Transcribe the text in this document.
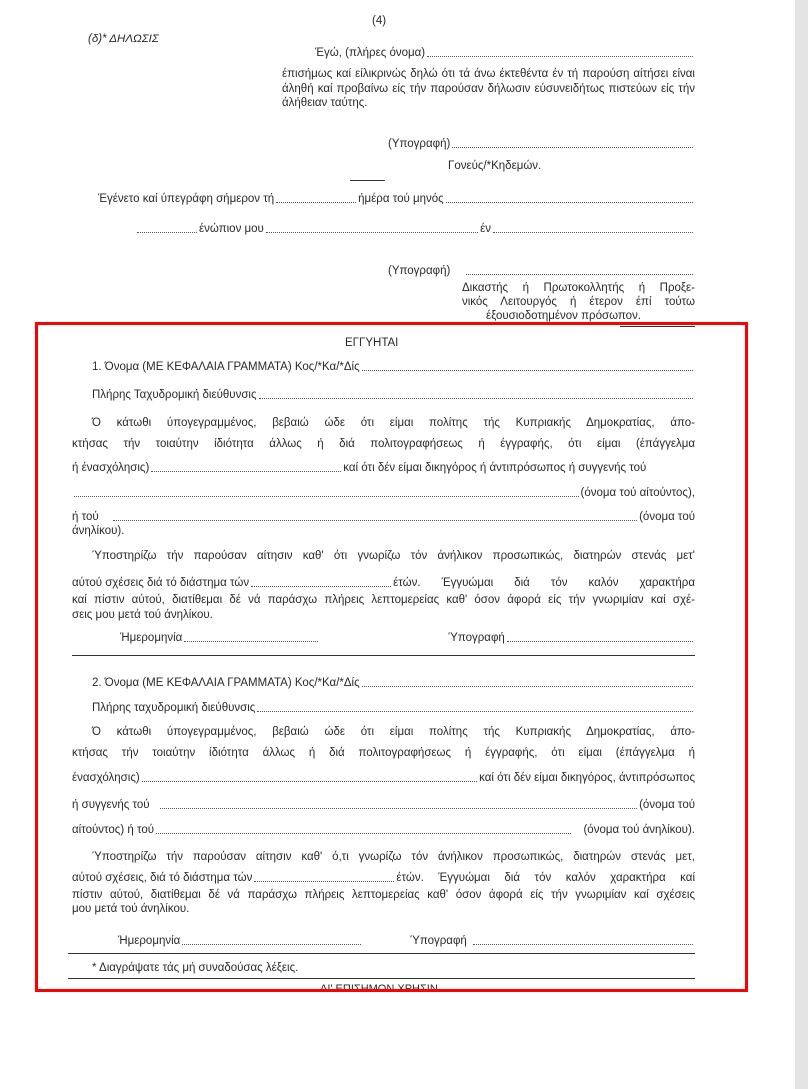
(4)
(δ)* ΔΗΛΩΣΙΣ
Έγώ, (πλήρες όνομα)
έπισήμως καί είλικρινώς δηλώ ότι τά άνω έκτεθέντα έν τή παρούση αίτήσει είναι άληθή καί προβαίνω είς τήν παρούσαν δήλωσιν εύσυνειδήτως πιστεύων είς τήν άλήθειαν ταύτης.
(Υπογραφή)
Γονεύς/*Κηδεμών.
Έγένετο καί ύπεγράφη σήμερον τή	ήμέρα τού μηνός
ένώπιον μου	έν
(Υπογραφή)
Δικαστής ή Πρωτοκολλητής ή Προξε-
νικός Λειτουργός ή έτερον έπί τούτω
έξουσιοδοτημένον πρόσωπον.
ΕΓΓΥΗΤΑΙ
1. Όνομα (ΜΕ ΚΕΦΑΛΑΙΑ ΓΡΑΜΜΑΤΑ) Κος/*Κα/*Δίς
Πλήρης Ταχυδρομική διεύθυνσις
Ό κάτωθι ύπογεγραμμένος, βεβαιώ ώδε ότι είμαι πολίτης τής Κυπριακής Δημοκρατίας, άπο-
κτήσας τήν τοιαύτην ίδιότητα άλλως ή διά πολιτογραφήσεως ή έγγραφής, ότι είμαι (έπάγγελμα
ή ένασχόλησις)	καί ότι δέν είμαι δικηγόρος ή άντιπρόσωπος ή συγγενής τού
(όνομα τού αίτούντος),
ή τού	(όνομα τού
άνηλίκου).
Ύποστηρίζω τήν παρούσαν αίτησιν καθ' ότι γνωρίζω τόν άνήλικον προσωπικώς, διατηρών στενάς μετ'
αύτού σχέσεις διά τό διάστημα τών	έτών. Έγγυώμαι διά τόν καλόν χαρακτήρα
καί πίστιν αύτού, διατίθεμαι δέ νά παράσχω πλήρεις λεπτομερείας καθ' όσον άφορά είς τήν γνωριμίαν καί σχέ-
σεις μου μετά τού άνηλίκου.
Ήμερομηνία	Ύπογραφή
2. Όνομα (ΜΕ ΚΕΦΑΛΑΙΑ ΓΡΑΜΜΑΤΑ) Κος/*Κα/*Δίς
Πλήρης ταχυδρομική διεύθυνσις
Ό κάτωθι ύπογεγραμμένος, βεβαιώ ώδε ότι είμαι πολίτης τής Κυπριακής Δημοκρατίας, άπο-
κτήσας τήν τοιαύτην ίδιότητα άλλως ή διά πολιτογραφήσεως ή έγγραφής, ότι είμαι (έπάγγελμα ή
ένασχόλησις)	καί ότι δέν είμαι δικηγόρος, άντιπρόσωπος
ή συγγενής τού	(όνομα τού
αίτούντος) ή τού	(όνομα τού άνηλίκου).
Ύποστηρίζω τήν παρούσαν αίτησιν καθ' ό,τι γνωρίζω τόν άνήλικον προσωπικώς, διατηρών στενάς μετ,
αύτού σχέσεις, διά τό διάστημα τών	έτών. Έγγυώμαι διά τόν καλόν χαρακτήρα καί
πίστιν αύτού, διατίθεμαι δέ νά παράσχω πλήρεις λεπτομερείας καθ' όσον άφορά είς τήν γνωριμίαν καί σχέσεις
μου μετά τού άνηλίκου.
Ήμερομηνία	Ύπογραφή
* Διαγράψατε τάς μή συναδούσας λέξεις.
ΔΙ' ΕΠΙΣΗΜΟΝ ΧΡΗΣΙΝ
